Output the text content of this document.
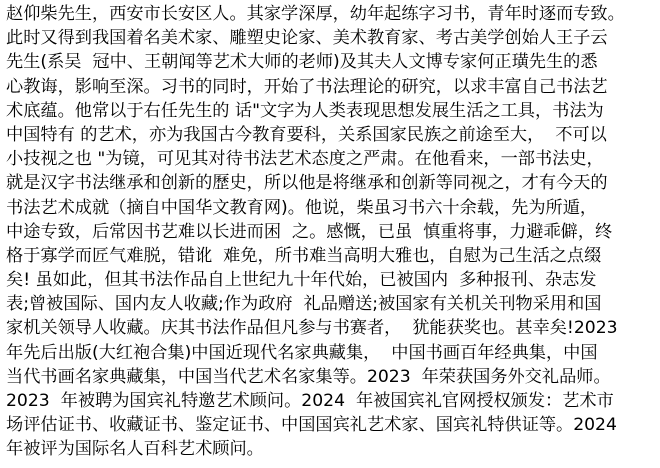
赵仰柴先生，西安市长安区人。其家学深厚，幼年起练字习书，青年时逐而专致。
此时又得到我国着名美术家、雕塑史论家、美术教育家、考古美学创始人王子云
先生(系吴  冠中、王朝闻等艺术大师的老师)及其夫人文博专家何正璜先生的悉
心教诲，影响至深。习书的同时，开始了书法理论的研究，以求丰富自己书法艺
术底蕴。他常以于右任先生的 话"文字为人类表现思想发展生活之工具，书法为
中国特有 的艺术，亦为我国古今教育要科，关系国家民族之前途至大，  不可以
小技视之也 "为镜，可见其对待书法艺术态度之严肃。在他看来，一部书法史，
就是汉字书法继承和创新的歷史，所以他是将继承和创新等同视之，才有今天的
书法艺术成就（摘自中国华文教育网)。他说，柴虽习书六十余载，先为所遁，
中途专致，后常因书艺难以长进而困  之。感慨，已虽  慎重将事，力避乖僻，终
格于寡学而匠气难脱，错讹  难免，所书难当高明大雅也，自慰为己生活之点缀
矣! 虽如此，但其书法作品自上世纪九十年代始，已被国内  多种报刊、杂志发
表;曾被国际、国内友人收藏;作为政府  礼品赠送;被国家有关机关刊物采用和国
家机关领导人收藏。庆其书法作品但凡参与书赛者，  犹能获奖也。甚幸矣!2023
年先后出版(大红袍合集)中国近现代名家典藏集，  中国书画百年经典集，中国
当代书画名家典藏集，中国当代艺术名家集等。2023  年荣获国务外交礼品师。
2023  年被聘为国宾礼特邀艺术顾问。2024  年被国宾礼官网授权颁发：艺术市
场评估证书、收藏证书、鉴定证书、中国国宾礼艺术家、国宾礼特供证等。2024
年被评为国际名人百科艺术顾问。
